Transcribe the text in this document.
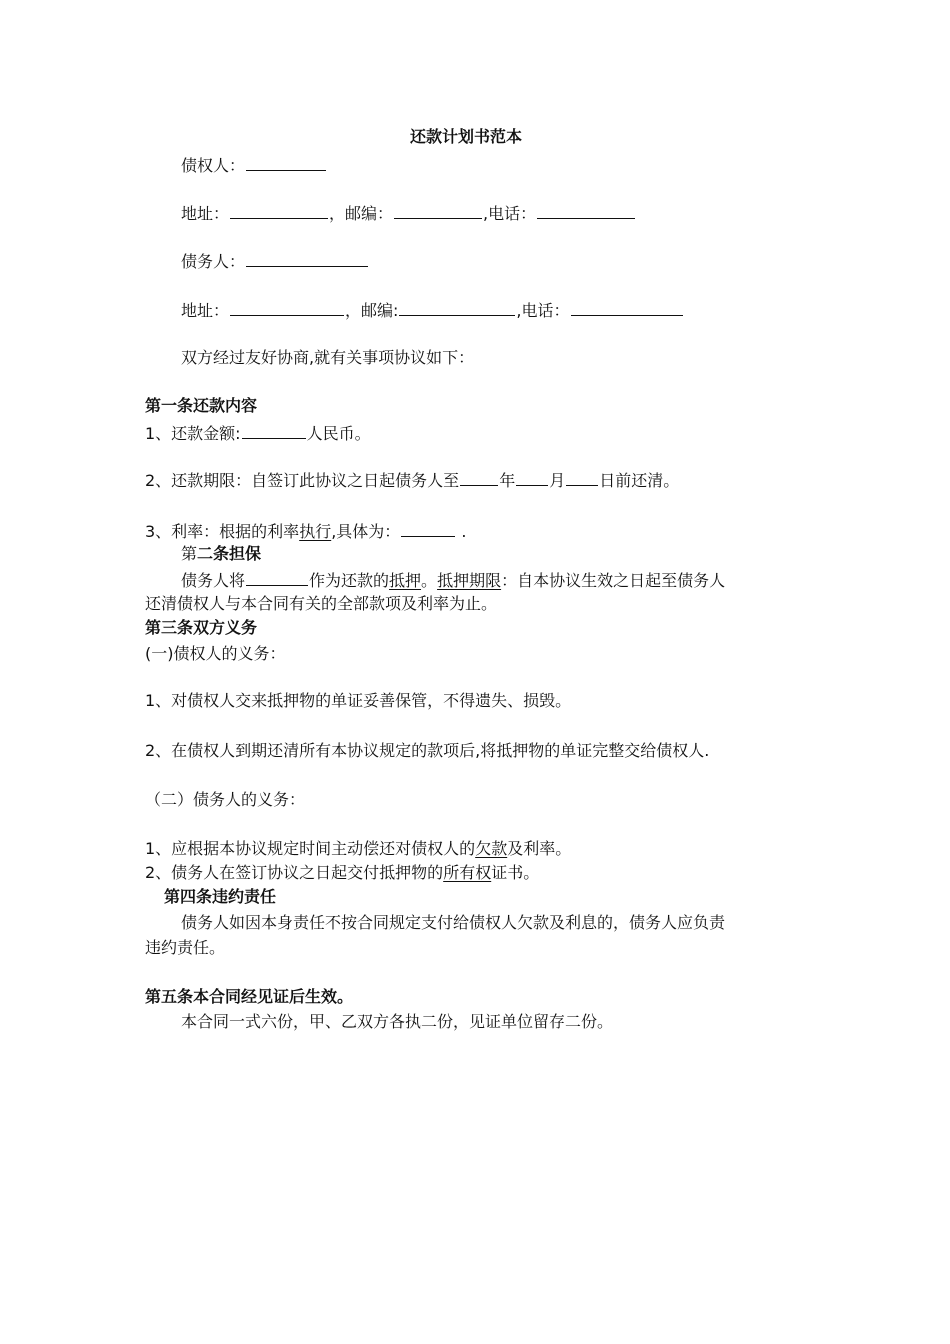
还款计划书范本
债权人：
地址：	，邮编：	,电话：
债务人：
地址：	，邮编:	,电话：
双方经过友好协商,就有关事项协议如下：
第一条还款内容
1、还款金额:	人民币。
2、还款期限：自签订此协议之日起债务人至	年 月 日前还清。
3、利率：根据的利率执行,具体为：	.
第二条担保
债务人将	作为还款的抵押。抵押期限：自本协议生效之日起至债务人
还清债权人与本合同有关的全部款项及利率为止。
第三条双方义务
(一)债权人的义务：
1、对债权人交来抵押物的单证妥善保管，不得遗失、损毁。
2、在债权人到期还清所有本协议规定的款项后,将抵押物的单证完整交给债权人.
（二）债务人的义务：
1、应根据本协议规定时间主动偿还对债权人的欠款及利率。
2、债务人在签订协议之日起交付抵押物的所有权证书。
第四条违约责任
债务人如因本身责任不按合同规定支付给债权人欠款及利息的，债务人应负责
违约责任。
第五条本合同经见证后生效。
本合同一式六份，甲、乙双方各执二份，见证单位留存二份。
